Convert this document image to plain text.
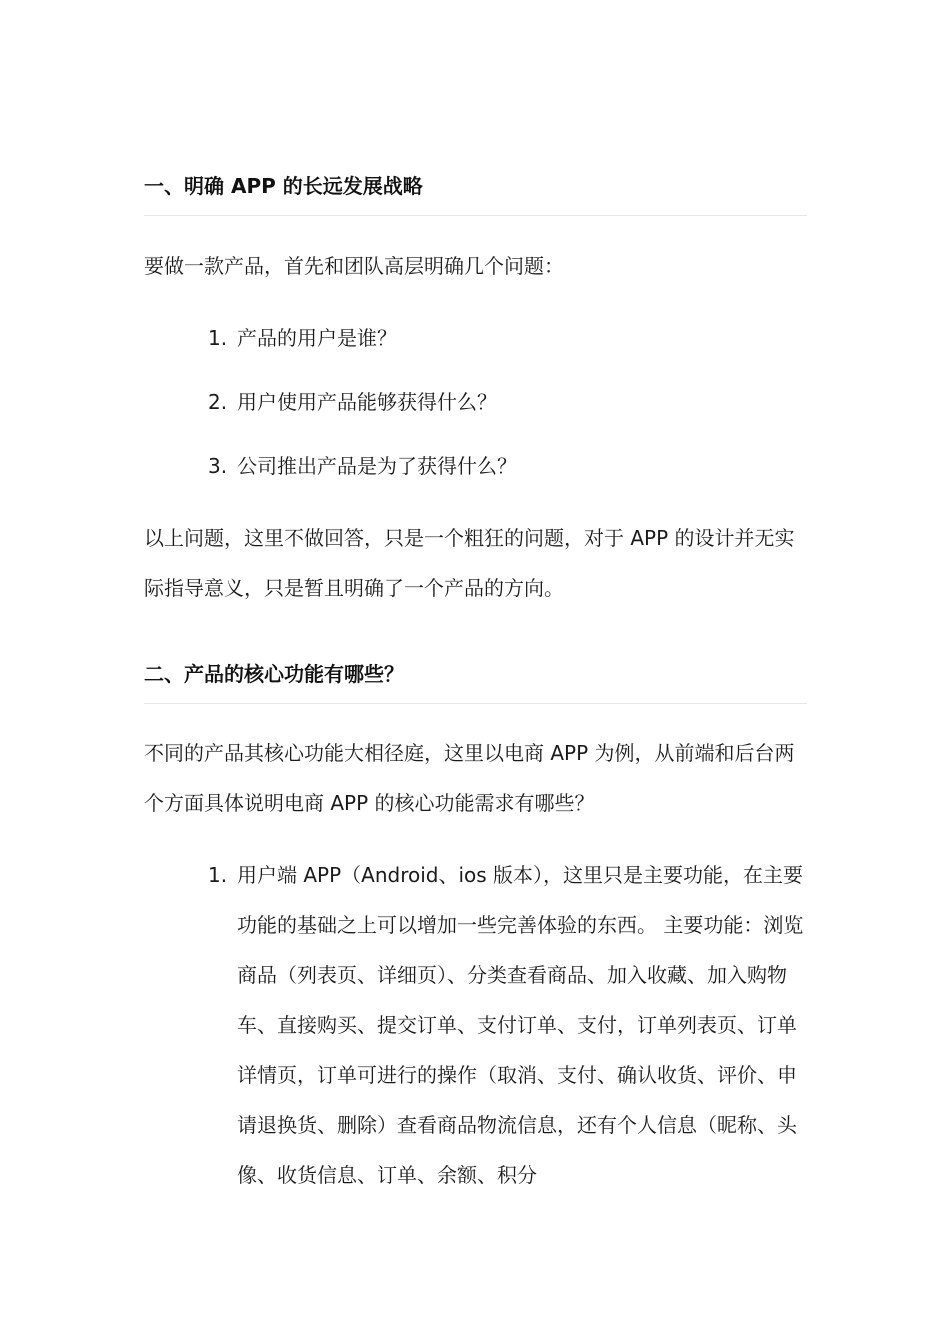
一、明确 APP 的长远发展战略

要做一款产品，首先和团队高层明确几个问题：

1. 产品的用户是谁？
2. 用户使用产品能够获得什么？
3. 公司推出产品是为了获得什么？

以上问题，这里不做回答，只是一个粗狂的问题，对于 APP 的设计并无实际指导意义，只是暂且明确了一个产品的方向。

二、产品的核心功能有哪些？

不同的产品其核心功能大相径庭，这里以电商 APP 为例，从前端和后台两个方面具体说明电商 APP 的核心功能需求有哪些？

1. 用户端 APP（Android、ios 版本），这里只是主要功能，在主要功能的基础之上可以增加一些完善体验的东西。 主要功能：浏览商品（列表页、详细页）、分类查看商品、加入收藏、加入购物车、直接购买、提交订单、支付订单、支付，订单列表页、订单详情页，订单可进行的操作（取消、支付、确认收货、评价、申请退换货、删除）查看商品物流信息，还有个人信息（昵称、头像、收货信息、订单、余额、积分
